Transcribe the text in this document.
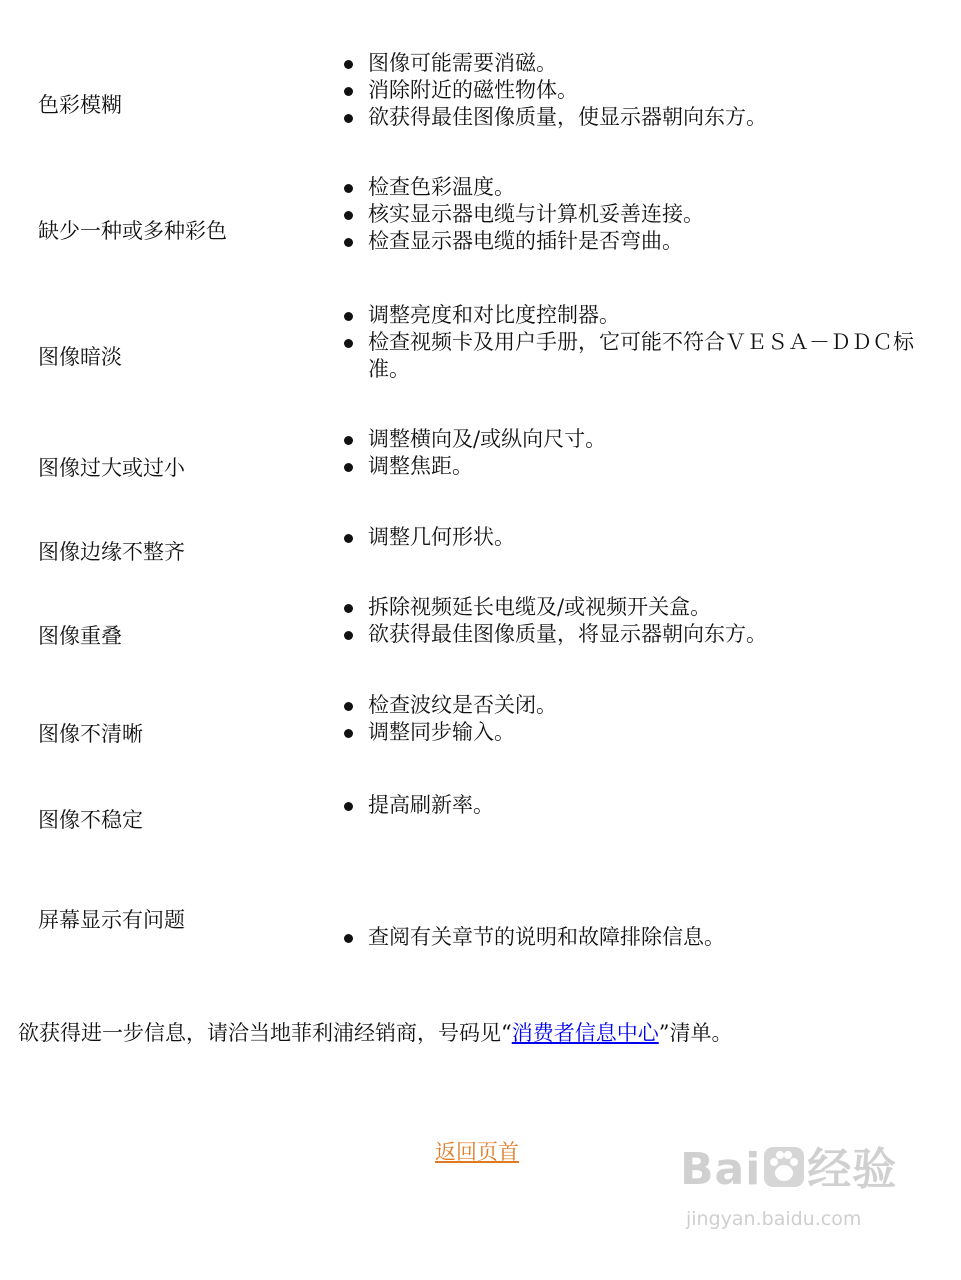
色彩模糊
图像可能需要消磁。
消除附近的磁性物体。
欲获得最佳图像质量，使显示器朝向东方。
缺少一种或多种彩色
检查色彩温度。
核实显示器电缆与计算机妥善连接。
检查显示器电缆的插针是否弯曲。
图像暗淡
调整亮度和对比度控制器。
检查视频卡及用户手册，它可能不符合ＶＥＳＡ－ＤＤＣ标准。
图像过大或过小
调整横向及/或纵向尺寸。
调整焦距。
图像边缘不整齐
调整几何形状。
图像重叠
拆除视频延长电缆及/或视频开关盒。
欲获得最佳图像质量，将显示器朝向东方。
图像不清晰
检查波纹是否关闭。
调整同步输入。
图像不稳定
提高刷新率。
屏幕显示有问题
查阅有关章节的说明和故障排除信息。
欲获得进一步信息，请洽当地菲利浦经销商，号码见“消费者信息中心”清单。
返回页首	Bai 经验
jingyan.baidu.com
